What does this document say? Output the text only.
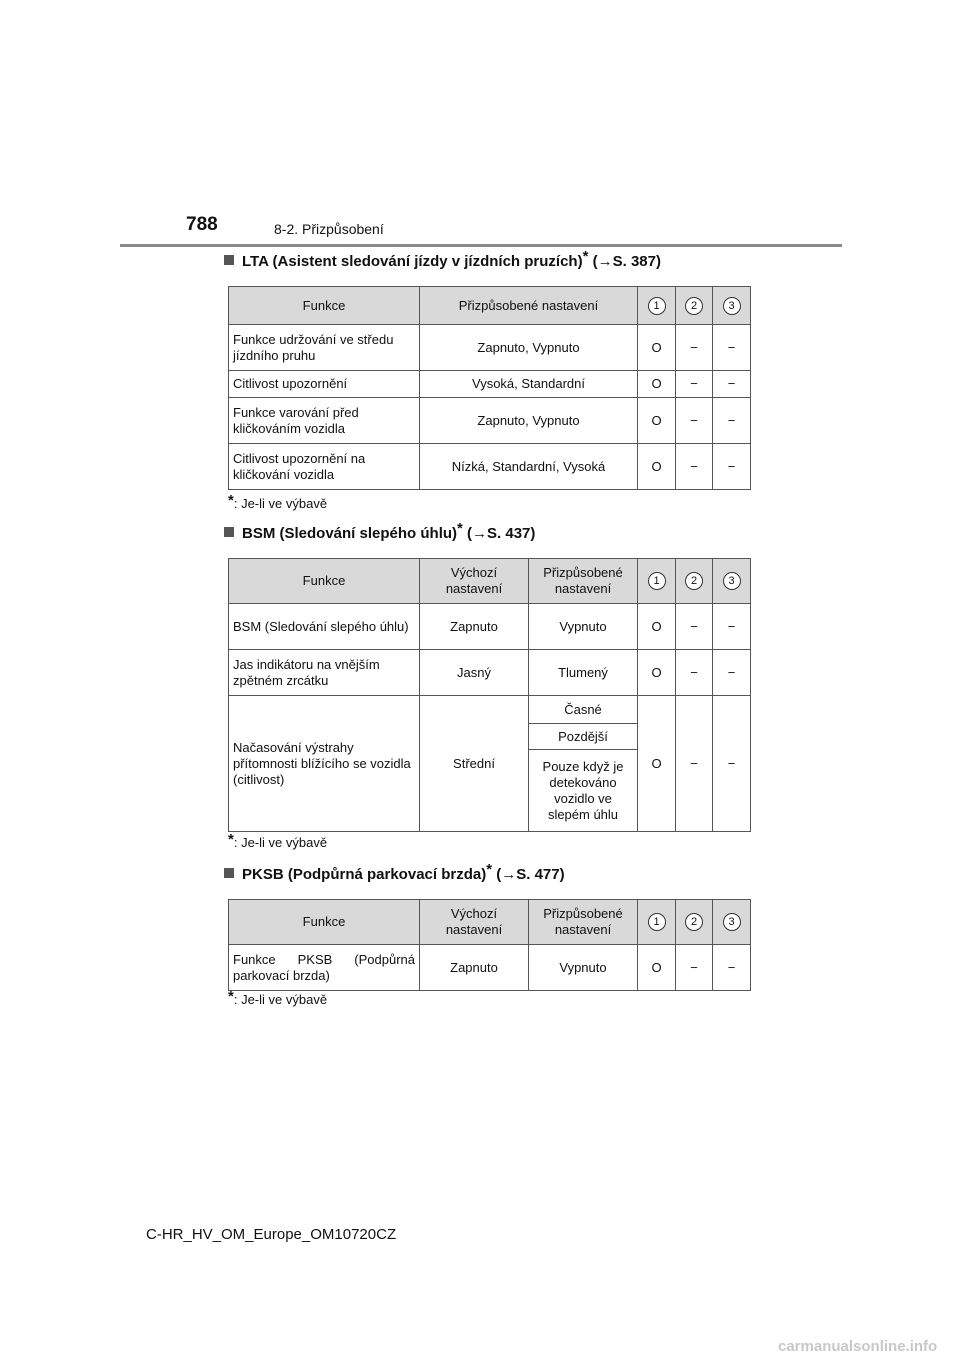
788	8-2. Přizpůsobení
LTA (Asistent sledování jízdy v jízdních pruzích)* (→S. 387)
Funkce	Přizpůsobené nastavení	1	2	3
Funkce udržování ve středu jízdního pruhu	Zapnuto, Vypnuto	O	−	−
Citlivost upozornění	Vysoká, Standardní	O	−	−
Funkce varování před kličkováním vozidla	Zapnuto, Vypnuto	O	−	−
Citlivost upozornění na kličkování vozidla	Nízká, Standardní, Vysoká	O	−	−
*: Je-li ve výbavě
BSM (Sledování slepého úhlu)* (→S. 437)
Funkce	Výchozí nastavení	Přizpůsobené nastavení	1	2	3
BSM (Sledování slepého úhlu)	Zapnuto	Vypnuto	O	−	−
Jas indikátoru na vnějším zpětném zrcátku	Jasný	Tlumený	O	−	−
Načasování výstrahy přítomnosti blížícího se vozidla (citlivost)	Střední	Časné	O	−	−
		Pozdější			
		Pouze když je detekováno vozidlo ve slepém úhlu			
*: Je-li ve výbavě
PKSB (Podpůrná parkovací brzda)* (→S. 477)
Funkce	Výchozí nastavení	Přizpůsobené nastavení	1	2	3
Funkce PKSB (Podpůrná parkovací brzda)	Zapnuto	Vypnuto	O	−	−
*: Je-li ve výbavě
C-HR_HV_OM_Europe_OM10720CZ
carmanualsonline.info
